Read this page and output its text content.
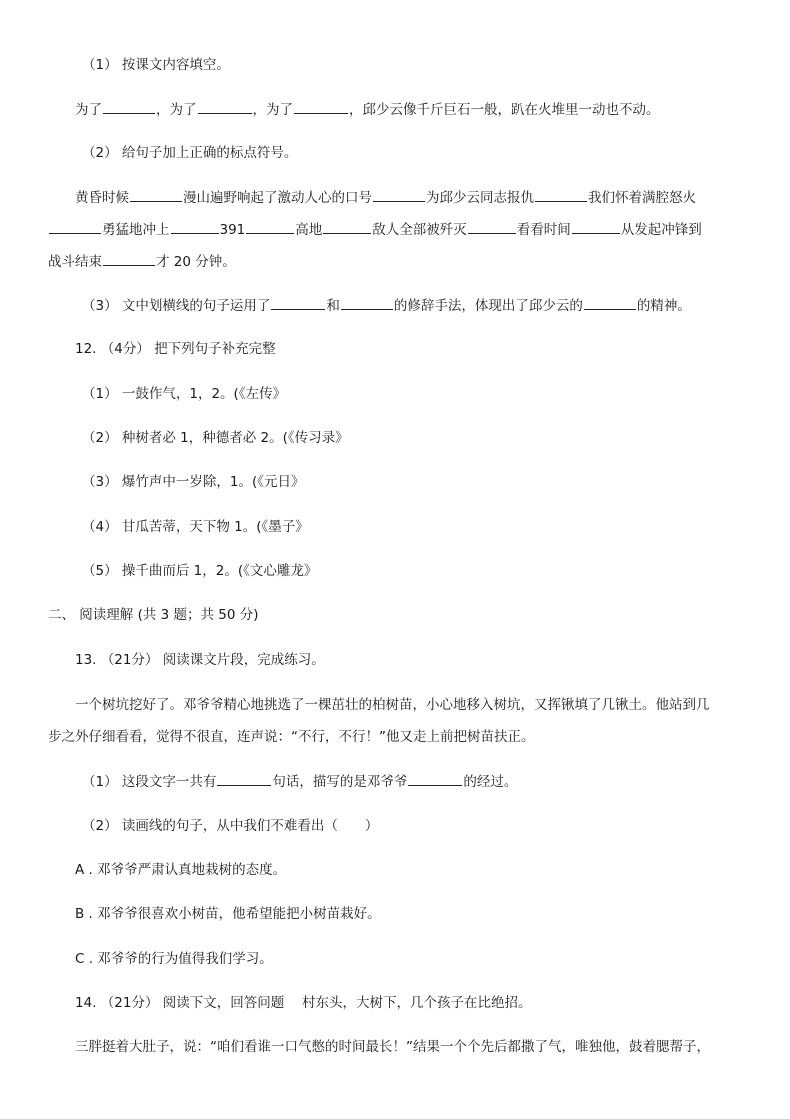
（1） 按课文内容填空。
为了	，为了	，为了	，邱少云像千斤巨石一般，趴在火堆里一动也不动。
（2） 给句子加上正确的标点符号。
黄昏时候	漫山遍野响起了激动人心的口号	为邱少云同志报仇	我们怀着满腔怒火
勇猛地冲上	391	高地	敌人全部被歼灭	看看时间	从发起冲锋到
战斗结束	才 20 分钟。
（3） 文中划横线的句子运用了	和	的修辞手法，体现出了邱少云的	的精神。
12. （4分） 把下列句子补充完整
（1） 一鼓作气，1，2。(《左传》
（2） 种树者必 1，种德者必 2。(《传习录》
（3） 爆竹声中一岁除，1。(《元日》
（4） 甘瓜苦蒂，天下物 1。(《墨子》
（5） 操千曲而后 1，2。(《文心雕龙》
二、 阅读理解 (共 3 题；共 50 分)
13. （21分） 阅读课文片段，完成练习。
一个树坑挖好了。邓爷爷精心地挑选了一棵茁壮的柏树苗，小心地移入树坑，又挥锹填了几锹土。他站到几
步之外仔细看看，觉得不很直，连声说：“不行，不行！”他又走上前把树苗扶正。
（1） 这段文字一共有	句话，描写的是邓爷爷	的经过。
（2） 读画线的句子，从中我们不难看出（　　）
A . 邓爷爷严肃认真地栽树的态度。
B . 邓爷爷很喜欢小树苗，他希望能把小树苗栽好。
C . 邓爷爷的行为值得我们学习。
14. （21分） 阅读下文，回答问题　 村东头，大树下，几个孩子在比绝招。
三胖挺着大肚子，说：“咱们看谁一口气憋的时间最长！”结果一个个先后都撒了气，唯独他，鼓着腮帮子，
